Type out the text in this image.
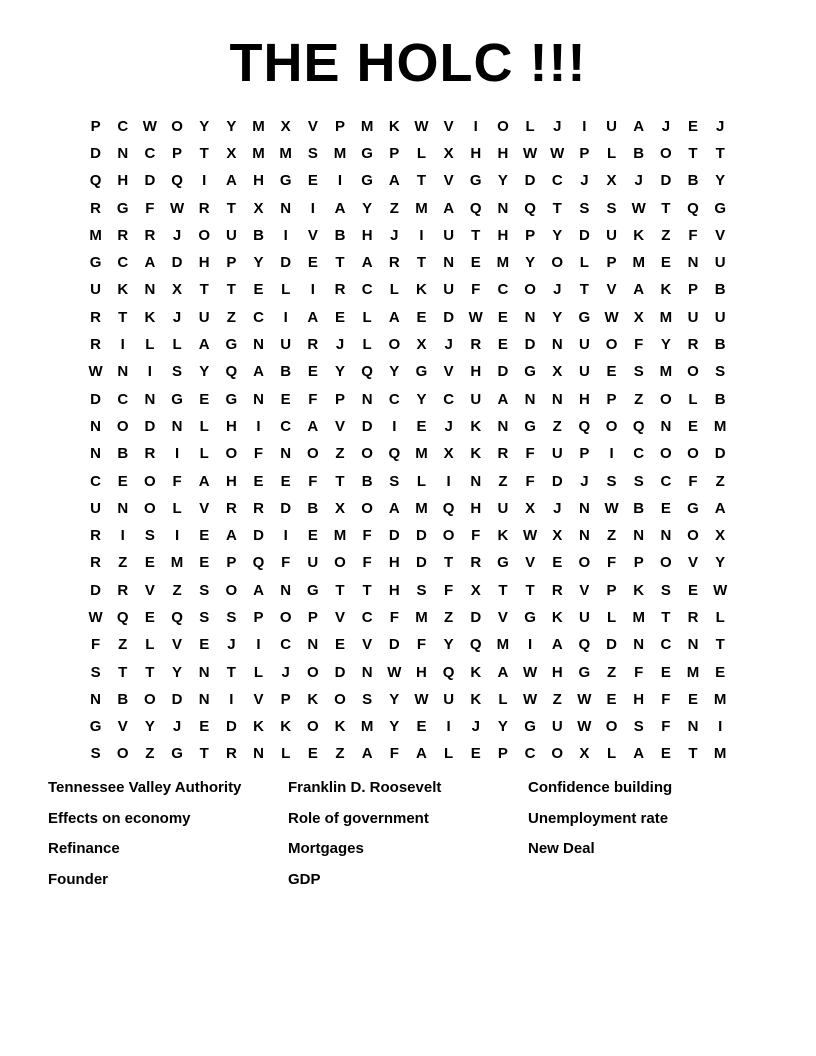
THE HOLC !!!
P	C W O	Y	Y	M	X	V	P	M	K W	V	I	O	L	J	I	U	A	J	E	J
D	N	C	P	T	X	M M	S	M	G	P	L	X	H	H W W	P	L	B	O	T	T
Q	H	D	Q	I	A	H	G	E	I	G	A	T	V	G	Y	D	C	J	X	J	D	B	Y
R	G	F	W R	T	X	N	I	A	Y	Z	M	A	Q	N	Q	T	S	S	W	T	Q	G
M	R	R	J	O	U	B	I	V	B	H	J	I	U	T	H	P	Y	D	U	K	Z	F	V
G	C	A	D	H	P	Y	D	E	T	A	R	T	N	E	M	Y	O	L	P	M	E	N	U
U	K	N	X	T	T	E	L	I	R	C	L	K	U	F	C	O	J	T	V	A	K	P	B
R	T	K	J	U	Z	C	I	A	E	L	A	E	D W	E	N	Y	G W	X	M	U	U
R	I	L	L	A	G	N	U	R	J	L	O	X	J	R	E	D	N	U	O	F	Y	R	B
W N	I	S	Y	Q	A	B	E	Y	Q	Y	G	V	H	D	G	X	U	E	S	M	O	S
D	C	N	G	E	G	N	E	F	P	N	C	Y	C	U	A	N	N	H	P	Z	O	L	B
N	O	D	N	L	H	I	C	A	V	D	I	E	J	K	N	G	Z	Q	O	Q	N	E	M
N	B	R	I	L	O	F	N	O	Z	O	Q	M	X	K	R	F	U	P	I	C	O	O	D
C	E	O	F	A	H	E	E	F	T	B	S	L	I	N	Z	F	D	J	S	S	C	F	Z
U	N	O	L	V	R	R	D	B	X	O	A	M	Q	H	U	X	J	N W B	E	G	A
R	I	S	I	E	A	D	I	E	M	F	D	D	O	F	K W	X	N	Z	N	N	O	X
R	Z	E	M	E	P	Q	F	U	O	F	H	D	T	R	G	V	E	O	F	P	O	V	Y
D	R	V	Z	S	O	A	N	G	T	T	H	S	F	X	T	T	R	V	P	K	S	E	W
W Q	E	Q	S	S	P	O	P	V	C	F	M	Z	D	V	G	K	U	L	M	T	R	L
F	Z	L	V	E	J	I	C	N	E	V	D	F	Y	Q	M	I	A	Q	D	N	C	N	T
S	T	T	Y	N	T	L	J	O	D	N W H	Q	K	A W H	G	Z	F	E	M	E
N	B	O	D	N	I	V	P	K	O	S	Y	W U	K	L	W	Z	W	E	H	F	E	M
G	V	Y	J	E	D	K	K	O	K	M	Y	E	I	J	Y	G	U W O	S	F	N	I
S	O	Z	G	T	R	N	L	E	Z	A	F	A	L	E	P	C	O	X	L	A	E	T	M
Tennessee Valley Authority	Franklin D. Roosevelt	Confidence building
Effects on economy	Role of government	Unemployment rate
Refinance	Mortgages	New Deal
Founder	GDP
